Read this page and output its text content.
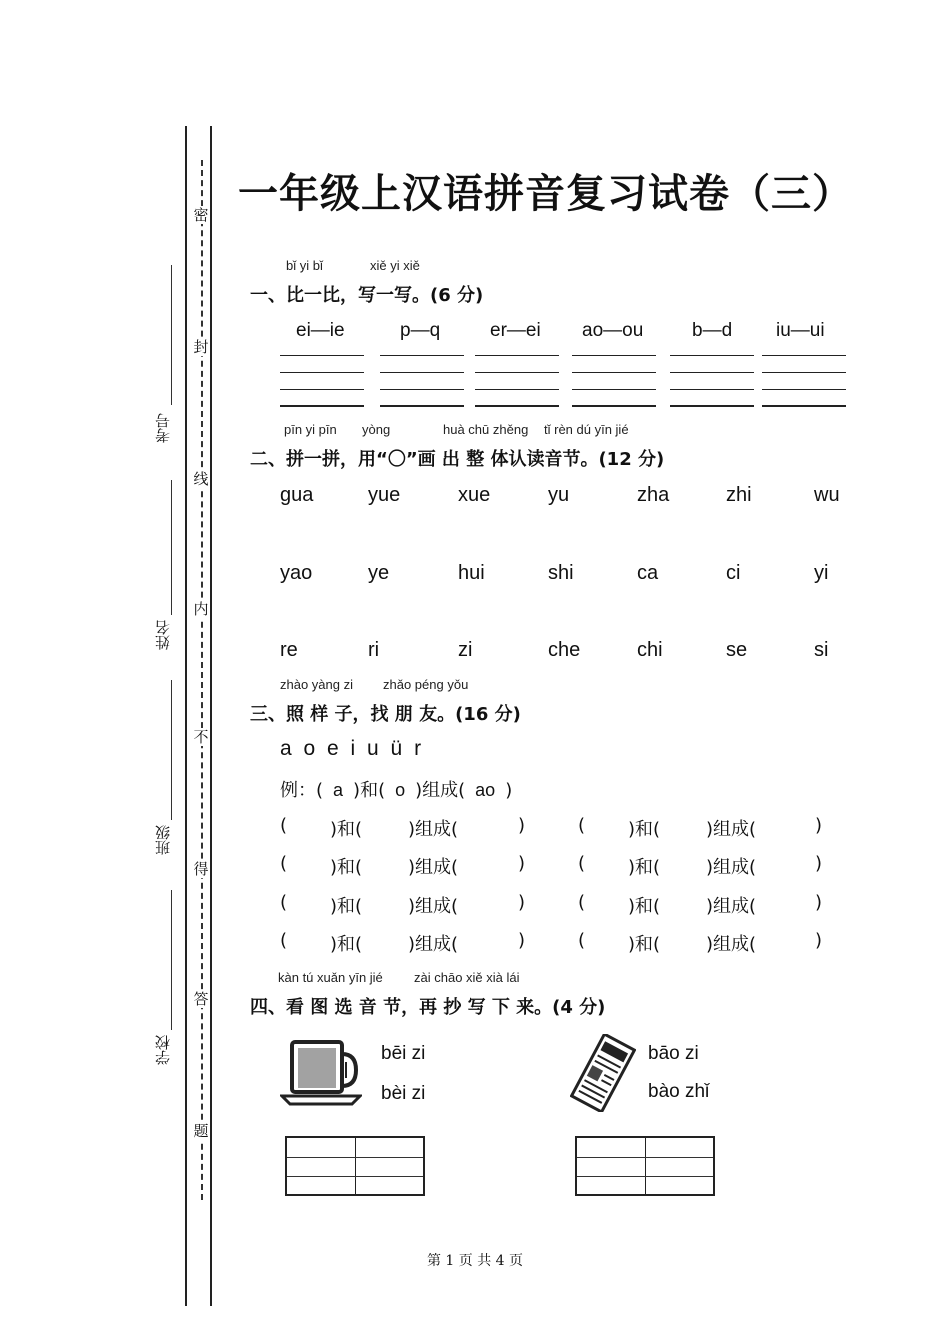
密
封
线
内
不
得
答
题
考号
姓名
班级
学校
一年级上汉语拼音复习试卷（三）
bǐ yi bǐ	xiě yi xiě
一、比一比，写一写。(6 分)
ei—ie	p—q	er—ei ao—ou	b—d iu—ui
pīn yi pīn yòng	huà chū zhěng tǐ rèn dú yīn jié
二、拼一拼，用“〇”画 出 整 体认读音节。(12 分)
gua	yue	xue	yu	zha	zhi	wu
yao	ye	hui	shi	ca	ci	yi
re	ri	zi	che	chi	se	si
zhào yàng zi zhǎo péng yǒu
三、照 样 子，找 朋 友。(16 分)
a o e i u ü r
例：( a )和( o )组成( ao )
( )和(	)组成(	)	( )和(	)组成(	)
( )和(	)组成(	)	( )和(	)组成(	)
( )和(	)组成(	)	( )和(	)组成(	)
( )和(	)组成(	)	( )和(	)组成(	)
kàn tú xuǎn yīn jié zài chāo xiě xià lái
四、看 图 选 音 节，再 抄 写 下 来。(4 分)
bēi zi
bèi zi
bāo zi
bào zhǐ
第 1 页 共 4 页
